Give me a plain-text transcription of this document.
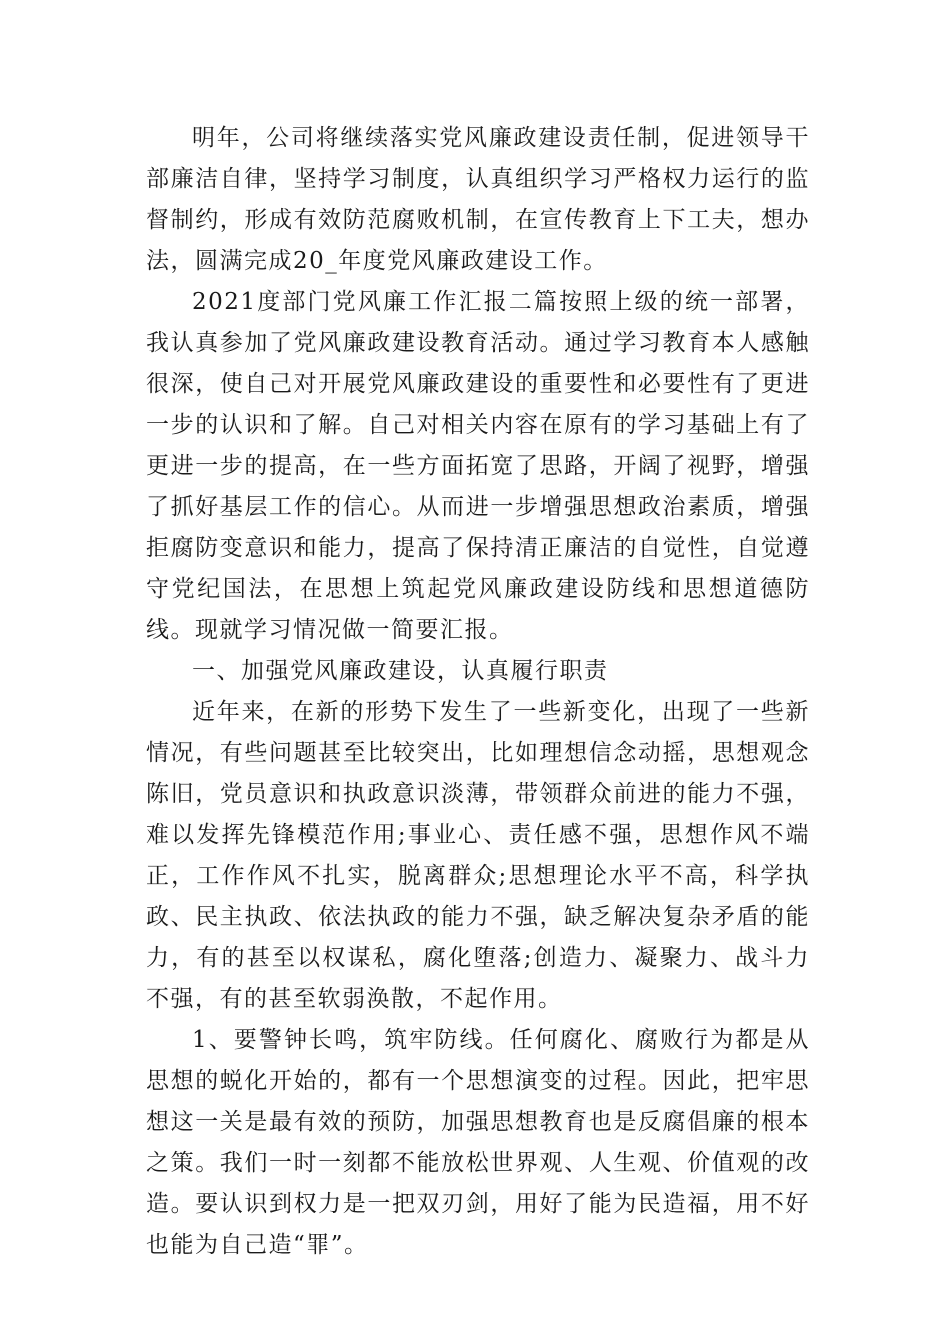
明年，公司将继续落实党风廉政建设责任制，促进领导干部廉洁自律，坚持学习制度，认真组织学习严格权力运行的监督制约，形成有效防范腐败机制，在宣传教育上下工夫，想办法，圆满完成20_年度党风廉政建设工作。

2021度部门党风廉工作汇报二篇按照上级的统一部署，我认真参加了党风廉政建设教育活动。通过学习教育本人感触很深，使自己对开展党风廉政建设的重要性和必要性有了更进一步的认识和了解。自己对相关内容在原有的学习基础上有了更进一步的提高，在一些方面拓宽了思路，开阔了视野，增强了抓好基层工作的信心。从而进一步增强思想政治素质，增强拒腐防变意识和能力，提高了保持清正廉洁的自觉性，自觉遵守党纪国法，在思想上筑起党风廉政建设防线和思想道德防线。现就学习情况做一简要汇报。

一、加强党风廉政建设，认真履行职责

近年来，在新的形势下发生了一些新变化，出现了一些新情况，有些问题甚至比较突出，比如理想信念动摇，思想观念陈旧，党员意识和执政意识淡薄，带领群众前进的能力不强，难以发挥先锋模范作用;事业心、责任感不强，思想作风不端正，工作作风不扎实，脱离群众;思想理论水平不高，科学执政、民主执政、依法执政的能力不强，缺乏解决复杂矛盾的能力，有的甚至以权谋私，腐化堕落;创造力、凝聚力、战斗力不强，有的甚至软弱涣散，不起作用。

1、要警钟长鸣，筑牢防线。任何腐化、腐败行为都是从思想的蜕化开始的，都有一个思想演变的过程。因此，把牢思想这一关是最有效的预防，加强思想教育也是反腐倡廉的根本之策。我们一时一刻都不能放松世界观、人生观、价值观的改造。要认识到权力是一把双刃剑，用好了能为民造福，用不好也能为自己造“罪”。
